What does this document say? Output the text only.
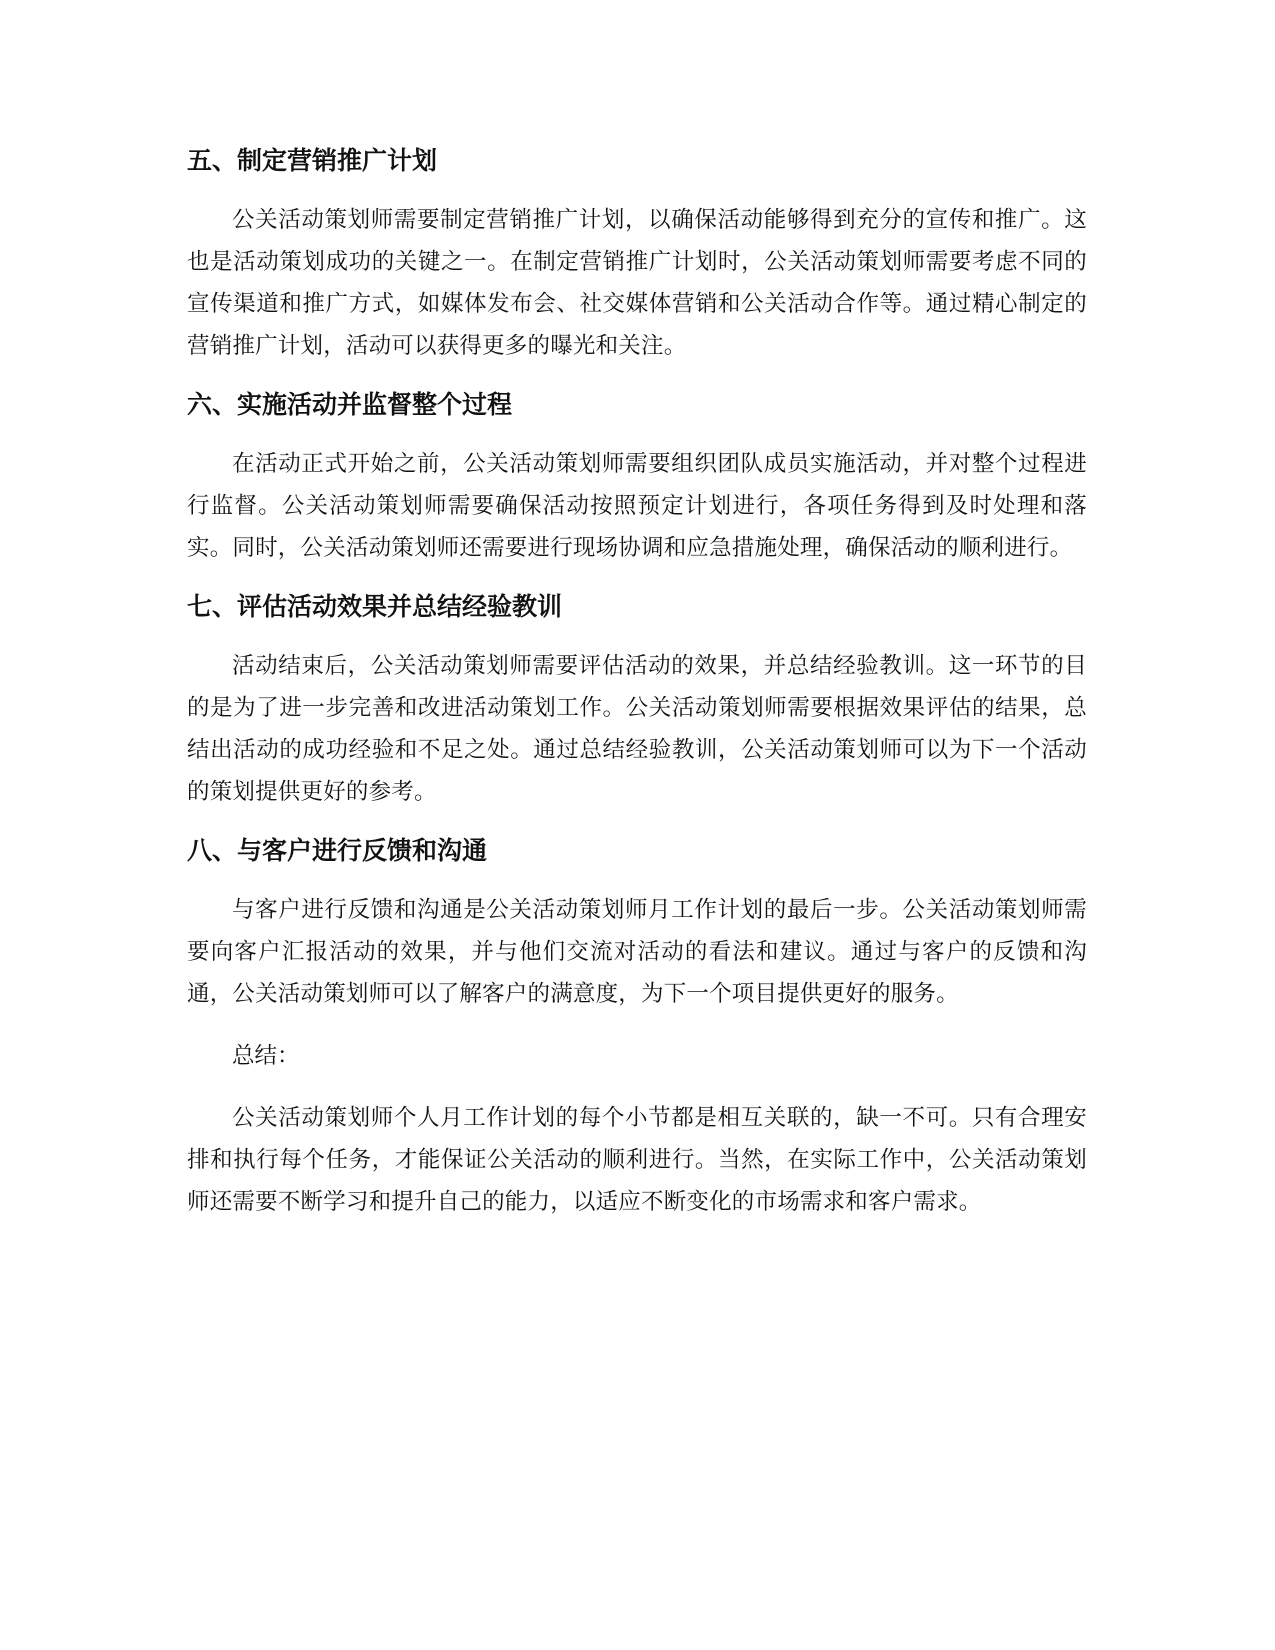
五、制定营销推广计划

公关活动策划师需要制定营销推广计划，以确保活动能够得到充分的宣传和推广。这也是活动策划成功的关键之一。在制定营销推广计划时，公关活动策划师需要考虑不同的宣传渠道和推广方式，如媒体发布会、社交媒体营销和公关活动合作等。通过精心制定的营销推广计划，活动可以获得更多的曝光和关注。

六、实施活动并监督整个过程

在活动正式开始之前，公关活动策划师需要组织团队成员实施活动，并对整个过程进行监督。公关活动策划师需要确保活动按照预定计划进行，各项任务得到及时处理和落实。同时，公关活动策划师还需要进行现场协调和应急措施处理，确保活动的顺利进行。

七、评估活动效果并总结经验教训

活动结束后，公关活动策划师需要评估活动的效果，并总结经验教训。这一环节的目的是为了进一步完善和改进活动策划工作。公关活动策划师需要根据效果评估的结果，总结出活动的成功经验和不足之处。通过总结经验教训，公关活动策划师可以为下一个活动的策划提供更好的参考。

八、与客户进行反馈和沟通

与客户进行反馈和沟通是公关活动策划师月工作计划的最后一步。公关活动策划师需要向客户汇报活动的效果，并与他们交流对活动的看法和建议。通过与客户的反馈和沟通，公关活动策划师可以了解客户的满意度，为下一个项目提供更好的服务。

总结：

公关活动策划师个人月工作计划的每个小节都是相互关联的，缺一不可。只有合理安排和执行每个任务，才能保证公关活动的顺利进行。当然，在实际工作中，公关活动策划师还需要不断学习和提升自己的能力，以适应不断变化的市场需求和客户需求。
